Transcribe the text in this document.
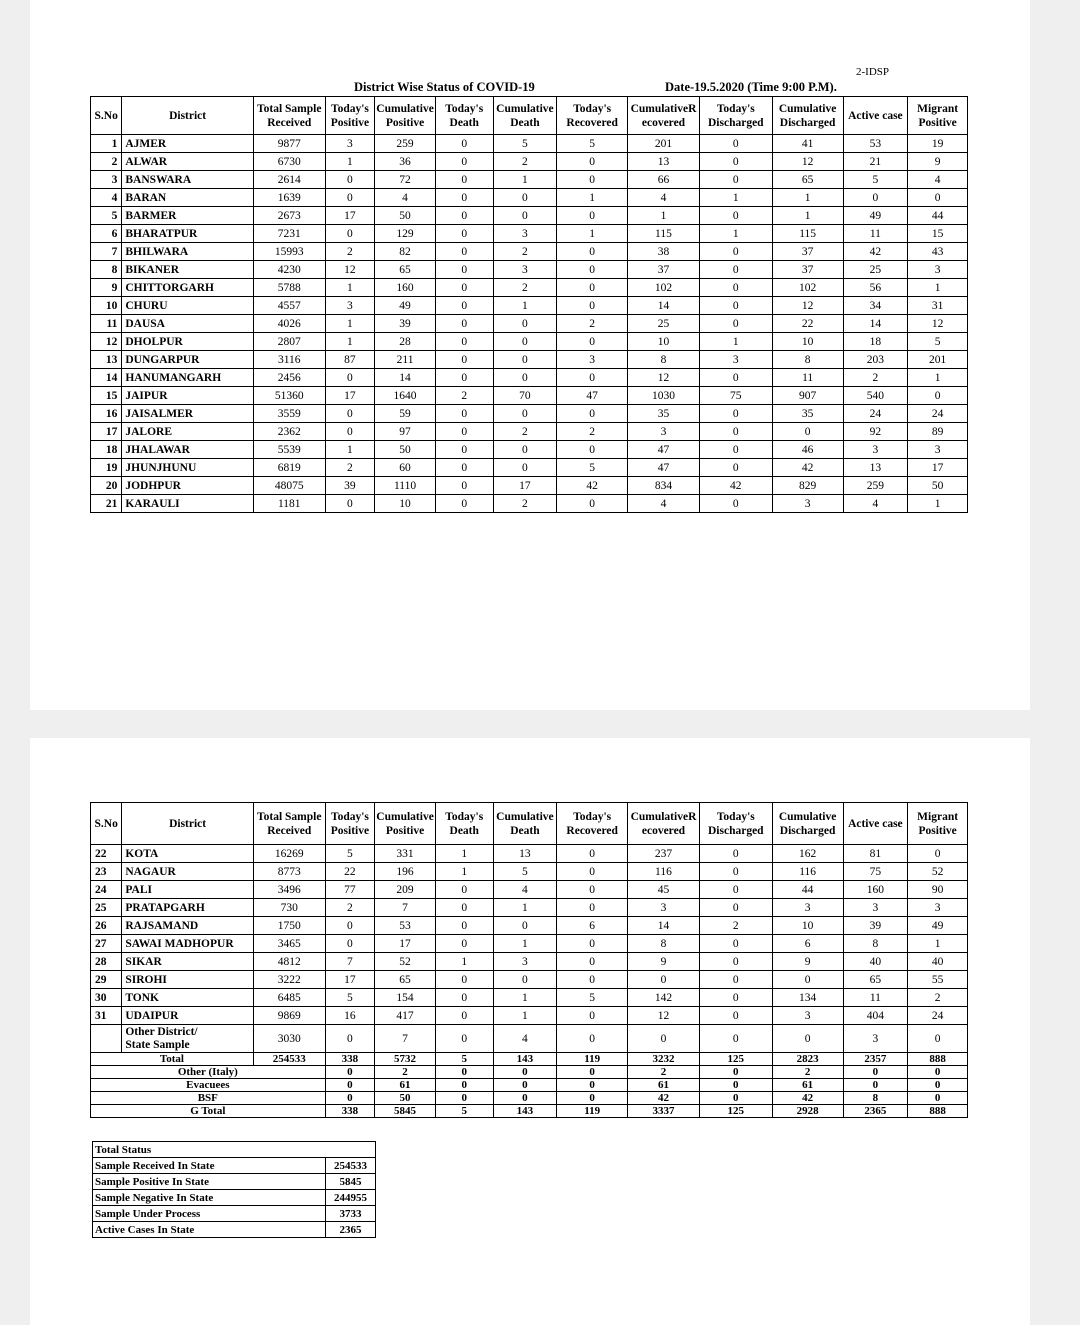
2-IDSP
District Wise Status of COVID-19	Date-19.5.2020 (Time 9:00 P.M).
S.No	District	Total Sample Received	Today's Positive	Cumulative Positive	Today's Death	Cumulative Death	Today's Recovered	CumulativeR ecovered	Today's Discharged	Cumulative Discharged	Active case	Migrant Positive
1	AJMER	9877	3	259	0	5	5	201	0	41	53	19
2	ALWAR	6730	1	36	0	2	0	13	0	12	21	9
3	BANSWARA	2614	0	72	0	1	0	66	0	65	5	4
4	BARAN	1639	0	4	0	0	1	4	1	1	0	0
5	BARMER	2673	17	50	0	0	0	1	0	1	49	44
6	BHARATPUR	7231	0	129	0	3	1	115	1	115	11	15
7	BHILWARA	15993	2	82	0	2	0	38	0	37	42	43
8	BIKANER	4230	12	65	0	3	0	37	0	37	25	3
9	CHITTORGARH	5788	1	160	0	2	0	102	0	102	56	1
10	CHURU	4557	3	49	0	1	0	14	0	12	34	31
11	DAUSA	4026	1	39	0	0	2	25	0	22	14	12
12	DHOLPUR	2807	1	28	0	0	0	10	1	10	18	5
13	DUNGARPUR	3116	87	211	0	0	3	8	3	8	203	201
14	HANUMANGARH	2456	0	14	0	0	0	12	0	11	2	1
15	JAIPUR	51360	17	1640	2	70	47	1030	75	907	540	0
16	JAISALMER	3559	0	59	0	0	0	35	0	35	24	24
17	JALORE	2362	0	97	0	2	2	3	0	0	92	89
18	JHALAWAR	5539	1	50	0	0	0	47	0	46	3	3
19	JHUNJHUNU	6819	2	60	0	0	5	47	0	42	13	17
20	JODHPUR	48075	39	1110	0	17	42	834	42	829	259	50
21	KARAULI	1181	0	10	0	2	0	4	0	3	4	1
S.No	District	Total Sample Received	Today's Positive	Cumulative Positive	Today's Death	Cumulative Death	Today's Recovered	CumulativeR ecovered	Today's Discharged	Cumulative Discharged	Active case	Migrant Positive
22	KOTA	16269	5	331	1	13	0	237	0	162	81	0
23	NAGAUR	8773	22	196	1	5	0	116	0	116	75	52
24	PALI	3496	77	209	0	4	0	45	0	44	160	90
25	PRATAPGARH	730	2	7	0	1	0	3	0	3	3	3
26	RAJSAMAND	1750	0	53	0	0	6	14	2	10	39	49
27	SAWAI MADHOPUR	3465	0	17	0	1	0	8	0	6	8	1
28	SIKAR	4812	7	52	1	3	0	9	0	9	40	40
29	SIROHI	3222	17	65	0	0	0	0	0	0	65	55
30	TONK	6485	5	154	0	1	5	142	0	134	11	2
31	UDAIPUR	9869	16	417	0	1	0	12	0	3	404	24
	Other District/
State Sample	3030	0	7	0	4	0	0	0	0	3	0
Total		254533	338	5732	5	143	119	3232	125	2823	2357	888
Other (Italy)			0	2	0	0	0	2	0	2	0	0
Evacuees			0	61	0	0	0	61	0	61	0	0
BSF			0	50	0	0	0	42	0	42	8	0
G Total			338	5845	5	143	119	3337	125	2928	2365	888
Total Status	
Sample Received In State	254533
Sample Positive In State	5845
Sample Negative In State	244955
Sample Under Process	3733
Active Cases In State	2365
